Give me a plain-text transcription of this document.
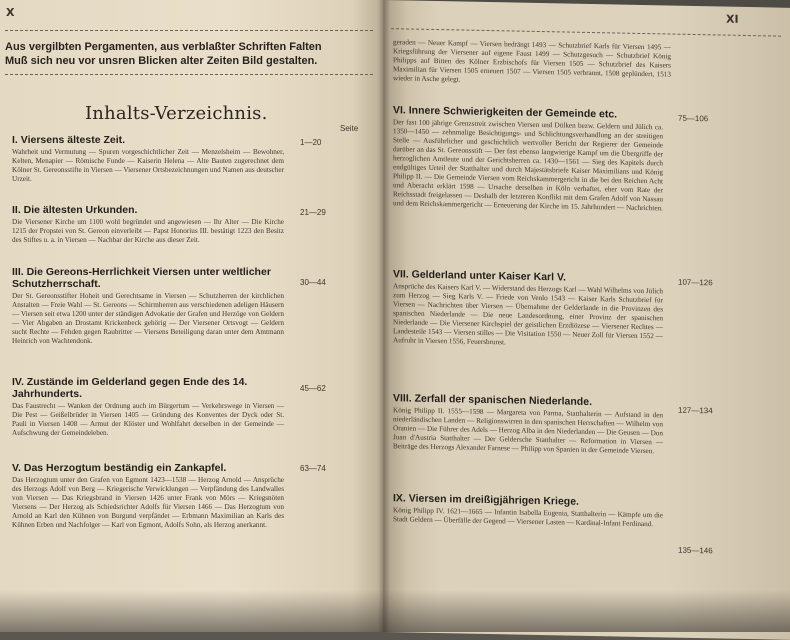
X
Aus vergilbten Pergamenten, aus verblaßter Schriften Falten
Muß sich neu vor unsren Blicken alter Zeiten Bild gestalten.
Inhalts-Verzeichnis.
Seite
I. Viersens älteste Zeit.

Wahrheit und Vermutung — Spuren vorgeschichtlicher Zeit — Menzelsheim — Bewohner, Kelten, Menapier — Römische Funde — Kaiserin Helena — Alte Bauten zugerechnet dem Kölner St. Gereonsstifte in Viersen — Viersener Ortsbezeichnungen und Namen aus deutscher Urzeit.

1—20
II. Die ältesten Urkunden.

Die Viersener Kirche um 1100 wohl begründet und angewiesen — Ihr Alter — Die Kirche 1215 der Propstei von St. Gereon einverleibt — Papst Honorius III. bestätigt 1223 den Besitz des Stiftes u. a. in Viersen — Nachbar der Kirche aus dieser Zeit.

21—29
III. Die Gereons-Herrlichkeit Viersen unter weltlicher Schutzherrschaft.

Der St. Gereonsstifter Hoheit und Gerechtsame in Viersen — Schutzherren der kirchlichen Anstalten — Freie Wahl — St. Gereons — Schirmherren aus verschiedenen adeligen Häusern — Viersen seit etwa 1200 unter der ständigen Advokatie der Grafen und Herzöge von Geldern — Vier Abgaben an Drostamt Krickenbeck gehörig — Der Viersener Ortsvogt — Geldern sucht Rechte — Fehden gegen Raubritter — Viersens Beteiligung daran unter dem Amtmann Heinrich von Wachtendonk.

30—44
IV. Zustände im Gelderland gegen Ende des 14. Jahrhunderts.

Das Faustrecht — Wanken der Ordnung auch im Bürgertum — Verkehrswege in Viersen — Die Pest — Geißelbrüder in Viersen 1405 — Gründung des Konventes der Dyck oder St. Pauli in Viersen 1408 — Armut der Klöster und Wohlfahrt derselben in der Gemeinde — Aufschwung der Gemeindeleben.

45—62
V. Das Herzogtum beständig ein Zankapfel.

Das Herzogtum unter den Grafen von Egmont 1423—1538 — Herzog Arnold — Ansprüche des Herzogs Adolf von Berg — Kriegerische Verwicklungen — Verpfändung des Landwalles von Viersen — Das Kriegsbrand in Viersen 1426 unter Frank von Mörs — Kriegsnöten Viersens — Der Herzog als Schiedsrichter Adolfs für Viersen 1466 — Das Herzogtum von Arnold an Karl den Kühnen von Burgund verpfändet — Erbmann Maximilian an Karls des Kühnen Erben und Nachfolger — Karl von Egmont, Adolfs Sohn, als Herzog anerkannt.

63—74
XI
geraden — Neuer Kampf — Viersen bedrängt 1493 — Schutzbrief Karls für Viersen 1495 — Kriegsführung der Viersener auf eigene Faust 1499 — Schutzgesuch — Schutzbrief König Philipps auf Bitten des Kölner Erzbischofs für Viersen 1505 — Schutzbrief des Kaisers Maximilian für Viersen 1505 erneuert 1507 — Viersen 1505 verbrannt, 1508 geplündert, 1513 wieder in Asche gelegt.
VI. Innere Schwierigkeiten der Gemeinde etc.

Der fast 100 jährige Grenzstreit zwischen Viersen und Dülken bezw. Geldern und Jülich ca. 1350—1450 — zehnmalige Besichtigungs- und Schlichtungsverhandlung an der streitigen Stelle — Ausführlicher und geschichtlich wertvoller Bericht der Regierer der Gemeinde darüber an das St. Gereonsstift — Der fast ebenso langwierige Kampf um die Übergriffe der herzoglichen Amtleute und der Gerichtsherren ca. 1430—1561 — Sieg des Kapitels durch endgültiges Urteil der Statthalter und durch Majestätsbriefe Kaiser Maximilians und König Philipp II. — Die Gemeinde Viersen vom Reichskammergericht in die bei den Reichen Acht und Aberacht erklärt 1598 — Ursache derselben in Köln verhaftet, eher vom Rate der Reichsstadt freigelassen — Deshalb der letzteren Konflikt mit dem Grafen Adolf von Nassau und dem Reichskammergericht — Erneuerung der Kirche im 15. Jahrhundert — Nachrichten.

75—106
VII. Gelderland unter Kaiser Karl V.

Ansprüche des Kaisers Karl V. — Widerstand des Herzogs Karl — Wahl Wilhelms von Jülich zum Herzog — Sieg Karls V. — Friede von Venlo 1543 — Kaiser Karls Schutzbrief für Viersen — Nachrichten über Viersen — Übernahme der Gelderlande in die Provinzen des spanischen Niederlande — Die neue Landesordnung, einer Provinz der spanischen Niederlande — Die Viersener Kirchspiel der geistlichen Erzdiözese — Viersener Rechtes — Landesteile 1543 — Viersen stilles — Die Visitation 1550 — Neuer Zoll für Viersen 1552 — Aufruhr in Viersen 1556, Feuersbrunst.

107—126
VIII. Zerfall der spanischen Niederlande.

König Philipp II. 1555—1598 — Margareta von Parma, Statthalterin — Aufstand in den niederländischen Landen — Religionswirren in den spanischen Herrschaften — Wilhelm von Oranien — Die Führer des Adels — Herzog Alba in den Niederlanden — Die Geusen — Don Juan d'Austria Statthalter — Der Geldersche Statthalter — Reformation in Viersen — Beiträge des Herzogs Alexander Farnese — Philipp von Spanien in der Gemeinde Viersen.

127—134
IX. Viersen im dreißigjährigen Kriege.

König Philipp IV. 1621—1665 — Infantin Isabella Eugenia, Statthalterin — Kämpfe um die Stadt Geldern — Überfälle der Gegend — Viersener Lasten — Kardinal-Infant Ferdinand.

135—146
